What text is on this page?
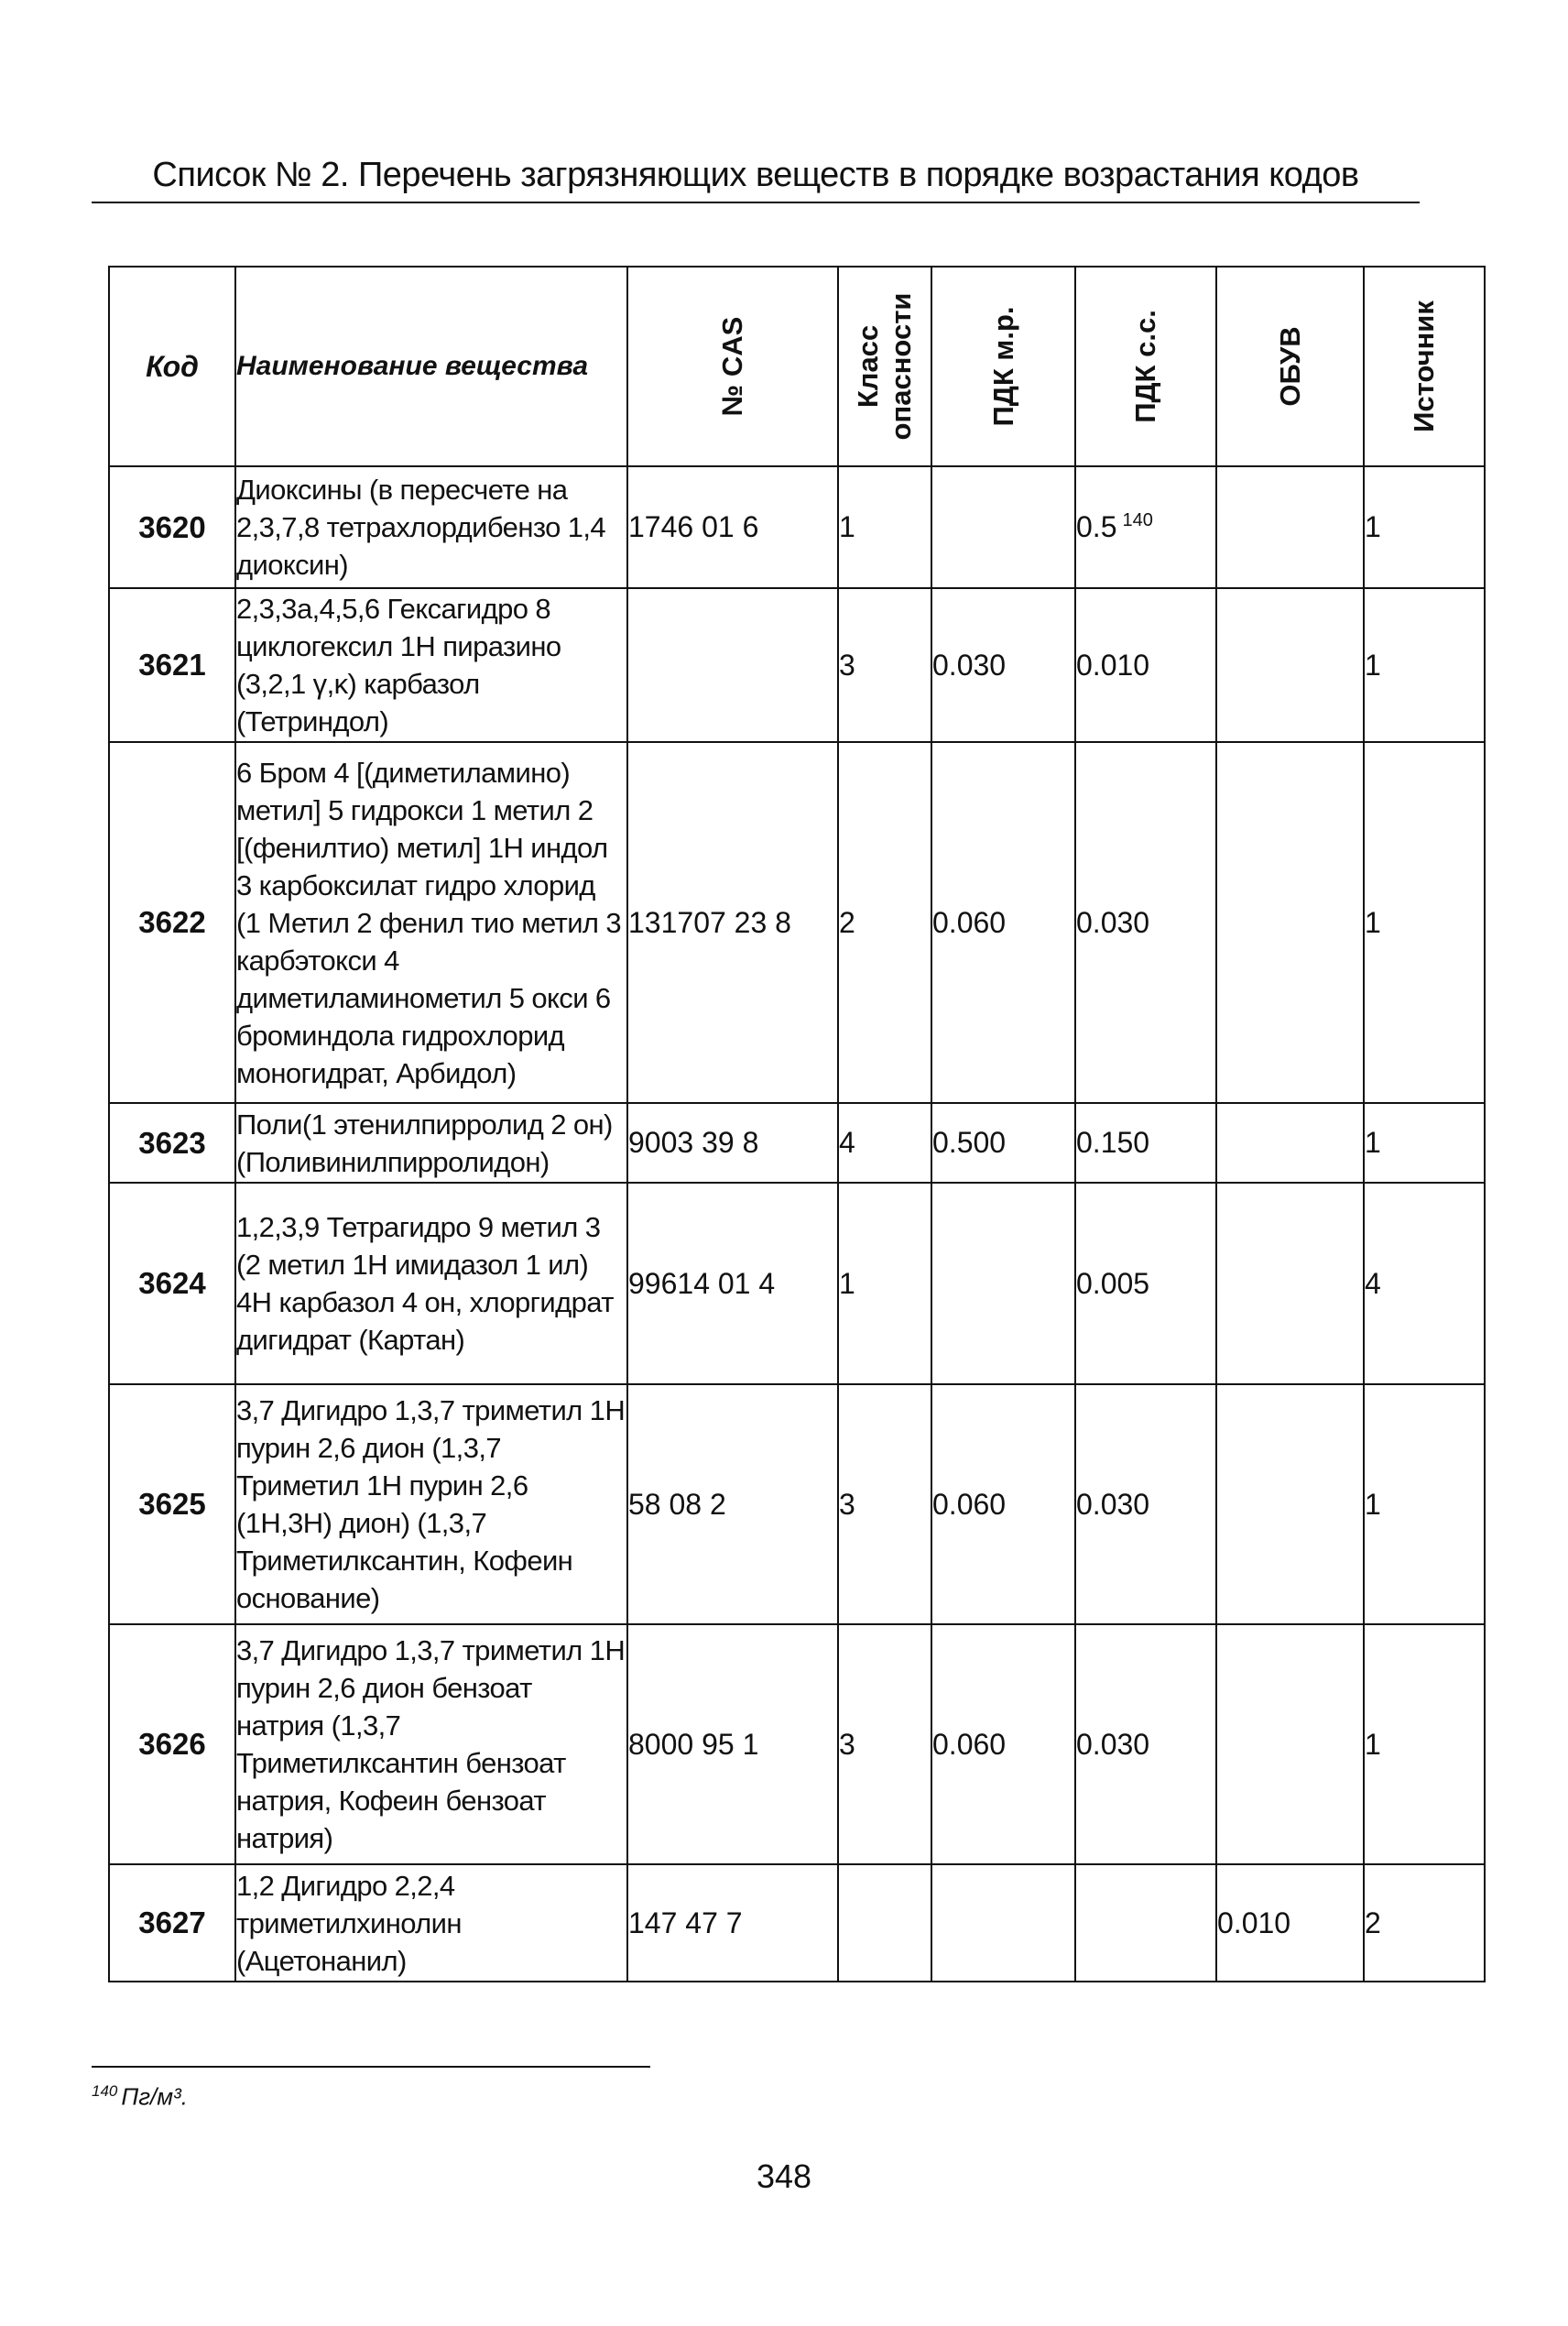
Список № 2. Перечень загрязняющих веществ в порядке возрастания кодов
Код	Наименование вещества	№ CAS	Класс опасности	ПДК м.р.	ПДК с.с.	ОБУВ	Источник

3620	Диоксины (в пересчете на 2,3,7,8 тетрахлордибензо 1,4 диоксин)	1746 01 6	1		0.5 $^{140}$		1
3621	2,3,3а,4,5,6 Гексагидро 8 циклогексил 1Н пиразино (3,2,1 γ,κ) карбазол (Тетриндол)		3	0.030	0.010		1
3622	6 Бром 4 [(диметиламино) метил] 5 гидрокси 1 метил 2 [(фенилтио) метил] 1Н индол 3 карбоксилат гидро хлорид (1 Метил 2 фенил тио метил 3 карбэтокси 4 диметиламинометил 5 окси 6 броминдола гидрохлорид моногидрат, Арбидол)	131707 23 8	2	0.060	0.030		1
3623	Поли(1 этенилпирролид 2 он) (Поливинилпирролидон)	9003 39 8	4	0.500	0.150		1
3624	1,2,3,9 Тетрагидро 9 метил 3 (2 метил 1Н имидазол 1 ил) 4Н карбазол 4 он, хлоргидрат дигидрат (Картан)	99614 01 4	1		0.005		4
3625	3,7 Дигидро 1,3,7 триметил 1Н пурин 2,6 дион (1,3,7 Триметил 1Н пурин 2,6 (1Н,3Н) дион) (1,3,7 Триметилксантин, Кофеин основание)	58 08 2	3	0.060	0.030		1
3626	3,7 Дигидро 1,3,7 триметил 1Н пурин 2,6 дион бензоат натрия (1,3,7 Триметилксантин бензоат натрия, Кофеин бензоат натрия)	8000 95 1	3	0.060	0.030		1
3627	1,2 Дигидро 2,2,4 триметилхинолин (Ацетонанил)	147 47 7				0.010	2
$^{140}$ Пг/м³.
348
